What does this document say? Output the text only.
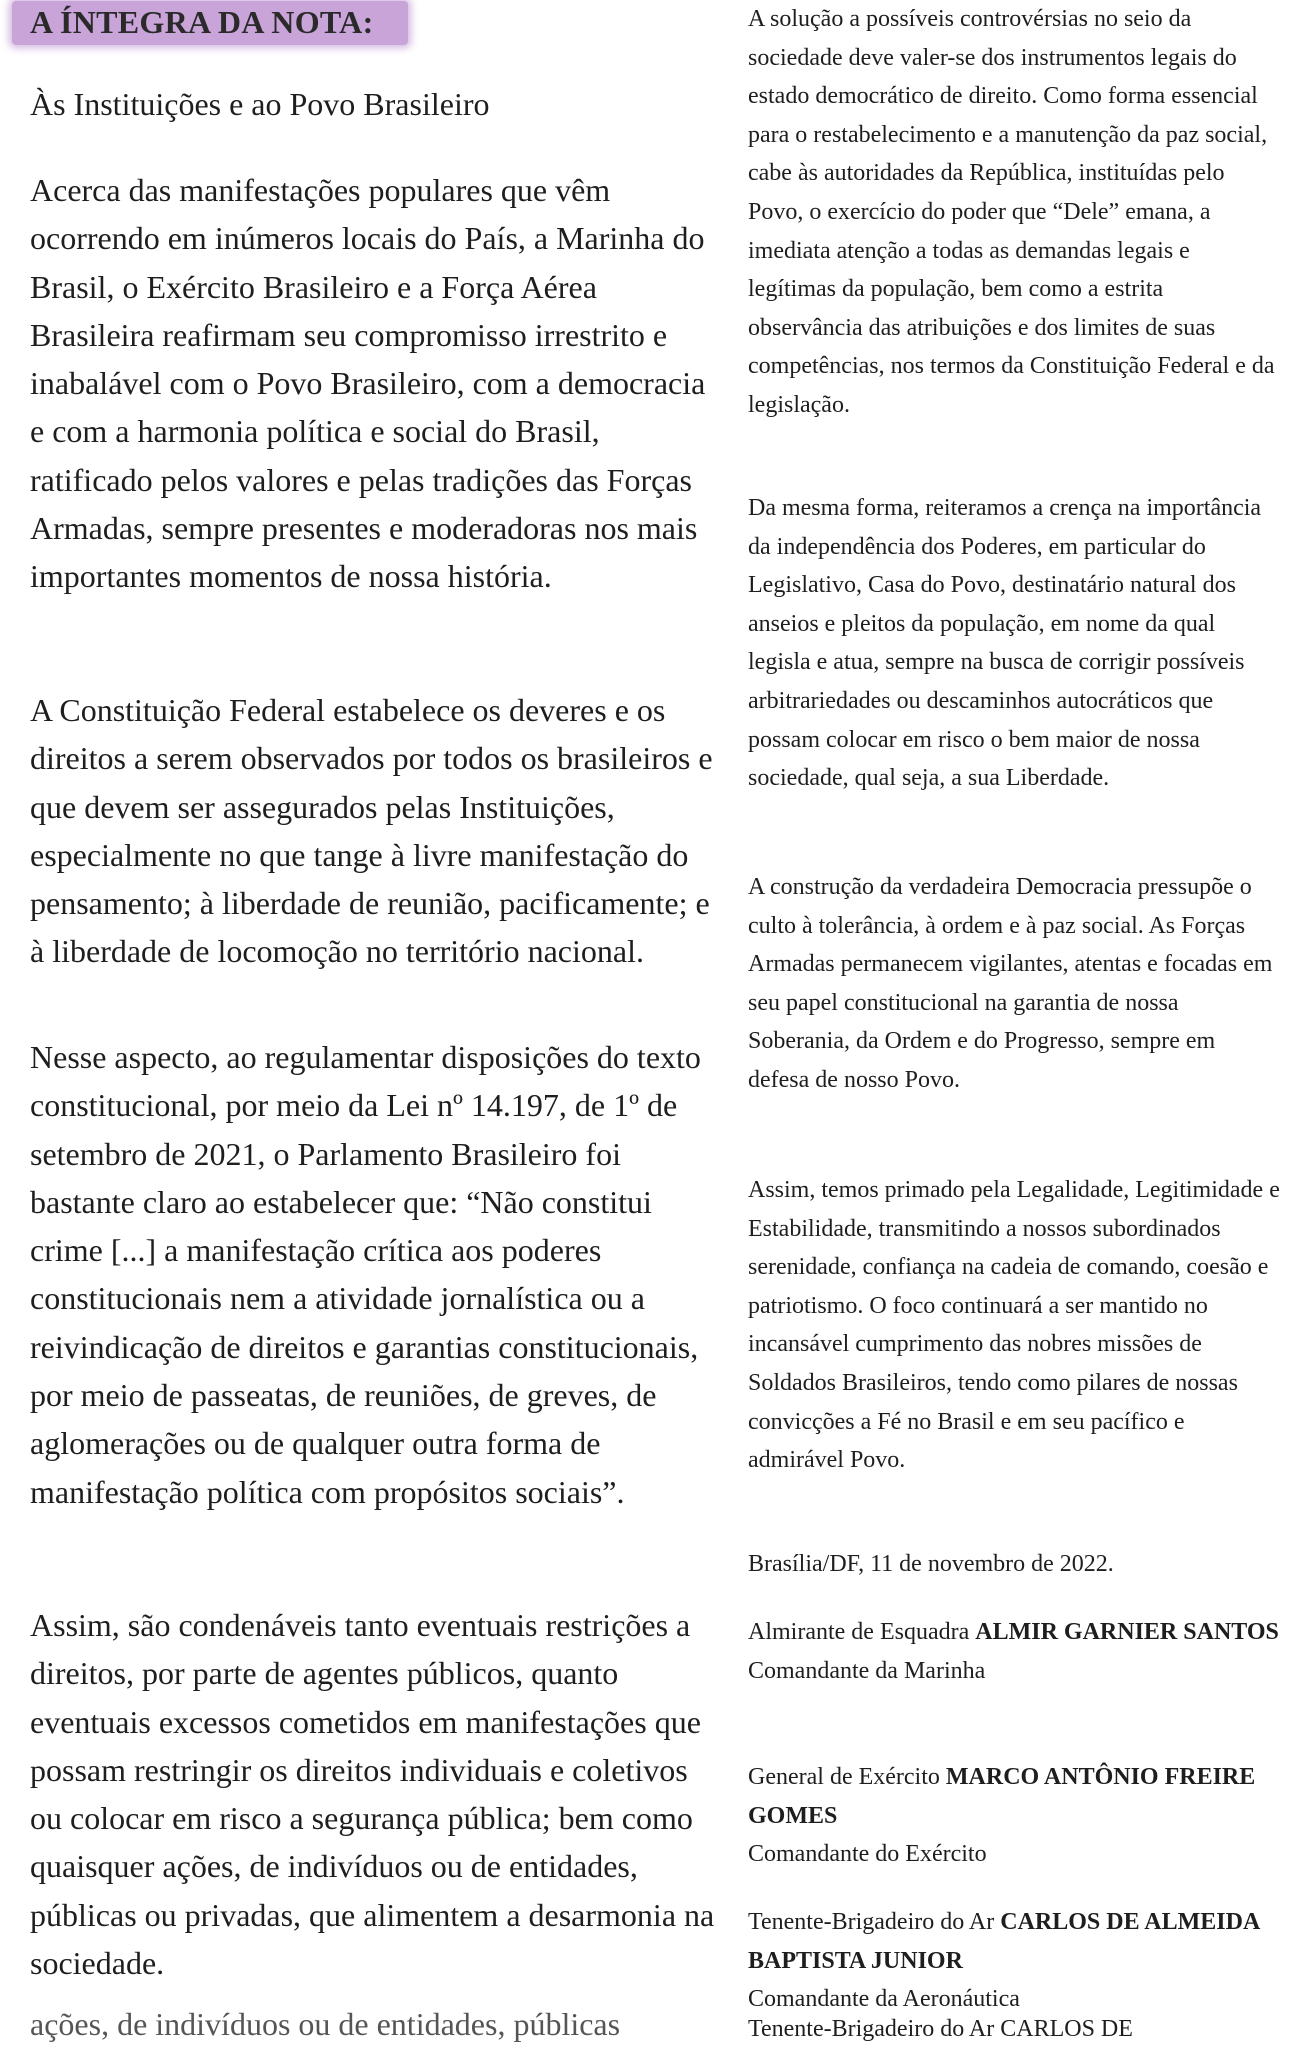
A ÍNTEGRA DA NOTA:
Às Instituições e ao Povo Brasileiro

Acerca das manifestações populares que vêm ocorrendo em inúmeros locais do País, a Marinha do Brasil, o Exército Brasileiro e a Força Aérea Brasileira reafirmam seu compromisso irrestrito e inabalável com o Povo Brasileiro, com a democracia e com a harmonia política e social do Brasil, ratificado pelos valores e pelas tradições das Forças Armadas, sempre presentes e moderadoras nos mais importantes momentos de nossa história.

A Constituição Federal estabelece os deveres e os direitos a serem observados por todos os brasileiros e que devem ser assegurados pelas Instituições, especialmente no que tange à livre manifestação do pensamento; à liberdade de reunião, pacificamente; e à liberdade de locomoção no território nacional.

Nesse aspecto, ao regulamentar disposições do texto constitucional, por meio da Lei nº 14.197, de 1º de setembro de 2021, o Parlamento Brasileiro foi bastante claro ao estabelecer que: “Não constitui crime [...] a manifestação crítica aos poderes constitucionais nem a atividade jornalística ou a reivindicação de direitos e garantias constitucionais, por meio de passeatas, de reuniões, de greves, de aglomerações ou de qualquer outra forma de manifestação política com propósitos sociais”.

Assim, são condenáveis tanto eventuais restrições a direitos, por parte de agentes públicos, quanto eventuais excessos cometidos em manifestações que possam restringir os direitos individuais e coletivos ou colocar em risco a segurança pública; bem como quaisquer ações, de indivíduos ou de entidades, públicas ou privadas, que alimentem a desarmonia na sociedade.

ações, de indivíduos ou de entidades, públicas

A solução a possíveis controvérsias no seio da sociedade deve valer-se dos instrumentos legais do estado democrático de direito. Como forma essencial para o restabelecimento e a manutenção da paz social, cabe às autoridades da República, instituídas pelo Povo, o exercício do poder que “Dele” emana, a imediata atenção a todas as demandas legais e legítimas da população, bem como a estrita observância das atribuições e dos limites de suas competências, nos termos da Constituição Federal e da legislação.

Da mesma forma, reiteramos a crença na importância da independência dos Poderes, em particular do Legislativo, Casa do Povo, destinatário natural dos anseios e pleitos da população, em nome da qual legisla e atua, sempre na busca de corrigir possíveis arbitrariedades ou descaminhos autocráticos que possam colocar em risco o bem maior de nossa sociedade, qual seja, a sua Liberdade.

A construção da verdadeira Democracia pressupõe o culto à tolerância, à ordem e à paz social. As Forças Armadas permanecem vigilantes, atentas e focadas em seu papel constitucional na garantia de nossa Soberania, da Ordem e do Progresso, sempre em defesa de nosso Povo.

Assim, temos primado pela Legalidade, Legitimidade e Estabilidade, transmitindo a nossos subordinados serenidade, confiança na cadeia de comando, coesão e patriotismo. O foco continuará a ser mantido no incansável cumprimento das nobres missões de Soldados Brasileiros, tendo como pilares de nossas convicções a Fé no Brasil e em seu pacífico e admirável Povo.

Brasília/DF, 11 de novembro de 2022.

Almirante de Esquadra ALMIR GARNIER SANTOS
Comandante da Marinha

General de Exército MARCO ANTÔNIO FREIRE GOMES
Comandante do Exército

Tenente-Brigadeiro do Ar CARLOS DE ALMEIDA BAPTISTA JUNIOR
Comandante da Aeronáutica

Tenente-Brigadeiro do Ar CARLOS DE
